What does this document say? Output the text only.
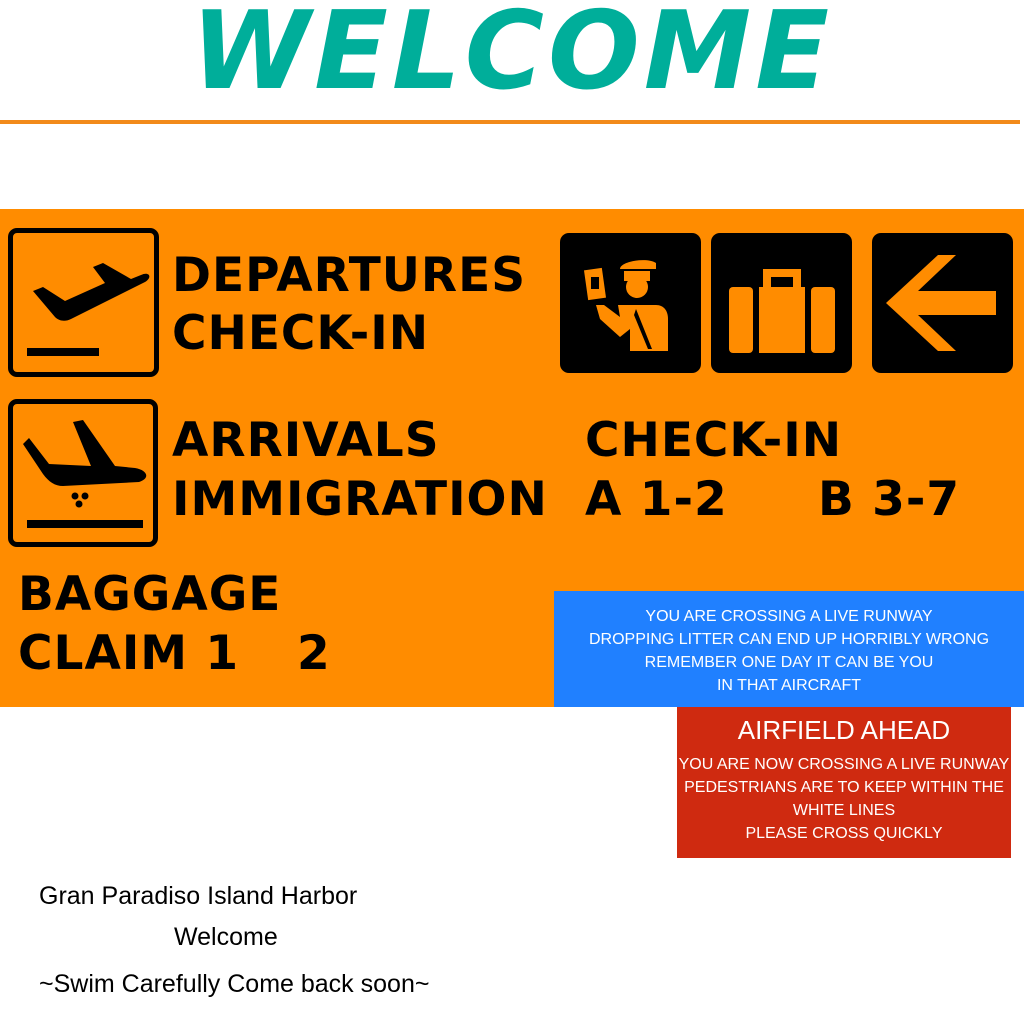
WELCOME
DEPARTURES
CHECK-IN
ARRIVALS
IMMIGRATION
CHECK-IN
A 1-2 B 3-7
BAGGAGE
CLAIM 1 2
YOU ARE CROSSING A LIVE RUNWAY
DROPPING LITTER CAN END UP HORRIBLY WRONG
REMEMBER ONE DAY IT CAN BE YOU
IN THAT AIRCRAFT
AIRFIELD AHEAD
YOU ARE NOW CROSSING A LIVE RUNWAY
PEDESTRIANS ARE TO KEEP WITHIN THE
WHITE LINES
PLEASE CROSS QUICKLY
Gran Paradiso Island Harbor
Welcome
~Swim Carefully Come back soon~
